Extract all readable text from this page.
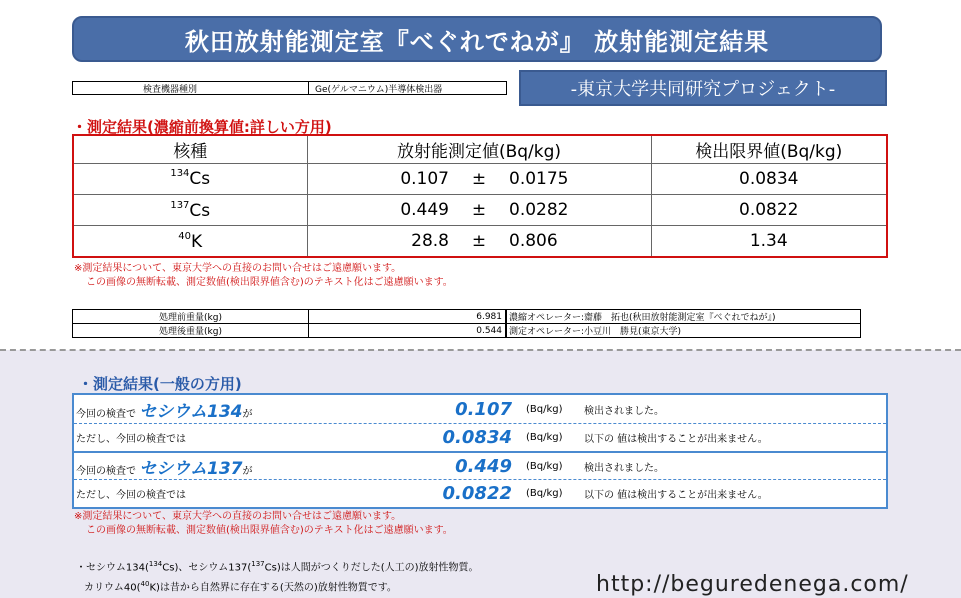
秋田放射能測定室『べぐれでねが』 放射能測定結果
検査機器種別	Ge(ゲルマニウム)半導体検出器	-東京大学共同研究プロジェクト-
・測定結果(濃縮前換算値:詳しい方用)
核種	放射能測定値(Bq/kg)	検出限界値(Bq/kg)
$^{134}$Cs	0.107 ± 0.0175	0.0834
$^{137}$Cs	0.449 ± 0.0282	0.0822
$^{40}$K	28.8 ± 0.806	1.34
※測定結果について、東京大学への直接のお問い合せはご遠慮願います。
この画像の無断転載、測定数値(検出限界値含む)のテキスト化はご遠慮願います。
処理前重量(kg)	6.981
処理後重量(kg)	0.544
濃縮オペレーター:齋藤　拓也(秋田放射能測定室『べぐれでねが』)
測定オペレーター:小豆川　勝見(東京大学)
・測定結果(一般の方用)
今回の検査で セシウム134が	0.107 (Bq/kg) 検出されました。
ただし、今回の検査では	0.0834 (Bq/kg) 以下の 値は検出することが出来ません。
今回の検査で セシウム137が	0.449 (Bq/kg) 検出されました。
ただし、今回の検査では	0.0822 (Bq/kg) 以下の 値は検出することが出来ません。
※測定結果について、東京大学への直接のお問い合せはご遠慮願います。
この画像の無断転載、測定数値(検出限界値含む)のテキスト化はご遠慮願います。
・セシウム134($^{134}$Cs)、セシウム137($^{137}$Cs)は人間がつくりだした(人工の)放射性物質。
カリウム40($^{40}$K)は昔から自然界に存在する(天然の)放射性物質です。	http://beguredenega.com/
